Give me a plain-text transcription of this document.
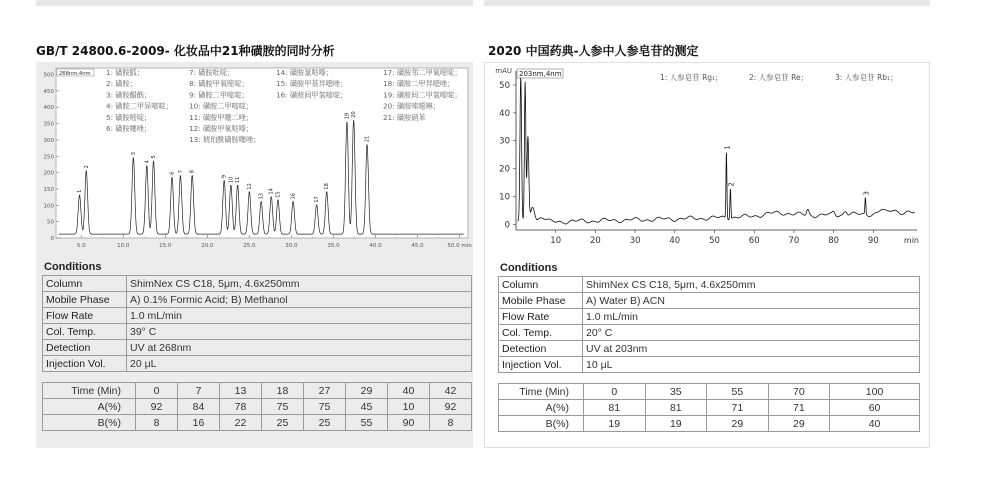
GB/T 24800.6-2009- 化妆品中21种磺胺的同时分析	2020 中国药典-人参中人参皂苷的测定
0
50
100
150
200
250
300
350
400
450
500
5.0	10.0	15.0	20.0	25.0	30.0	35.0	40.0	45.0	50.0 min
268nm,4nm 1: 磺胺胍；	7: 磺胺吡啶；	14: 磺胺氯哒嗪；	17: 磺胺邻二甲氧嘧啶；
2: 磺胺；	8: 磺胺甲氧嘧啶；	15: 磺胺甲基异噁唑；	18: 磺胺二甲异噁唑；
3: 磺胺醋酰；	9: 磺胺二甲嘧啶；	16: 磺胺间甲氧嘧啶；	19: 磺胺间二甲氧嘧啶；
4: 磺胺二甲异嘧啶； 10: 磺胺二甲嘧啶；	20: 磺胺喹噁啉；
5: 磺胺嘧啶；	11: 磺胺甲噻二唑；	21: 磺胺硝苯
6: 磺胺噻唑；	12: 磺胺甲氧哒嗪；
13: 琥珀酰磺胺噻唑；
1
2
3
4
5
6
7 8
9
10 11
12
13
14
15 16
17
18
19 20
21
Conditions
Column	ShimNex CS C18, 5μm, 4.6x250mm
Mobile Phase	A) 0.1% Formic Acid; B) Methanol
Flow Rate	1.0 mL/min
Col. Temp.	39° C
Detection	UV at 268nm
Injection Vol.	20 μL
Time (Min)	0	7	13	18	27	29	40	42
A(%)	92	84	78	75	75	45	10	92
B(%)	8	16	22	25	25	55	90	8
mAU
0
10
20
30
40
50
10	20	30	40	50	60	70	80	90	min
203nm,4nm	1: 人参皂苷 Rg₁；	2: 人参皂苷 Re；	3: 人参皂苷 Rb₁；
1
2
3
Conditions
Column	ShimNex CS C18, 5μm, 4.6x250mm
Mobile Phase	A) Water B) ACN
Flow Rate	1.0 mL/min
Col. Temp.	20° C
Detection	UV at 203nm
Injection Vol.	10 μL
Time (Min)	0	35	55	70	100
A(%)	81	81	71	71	60
B(%)	19	19	29	29	40
